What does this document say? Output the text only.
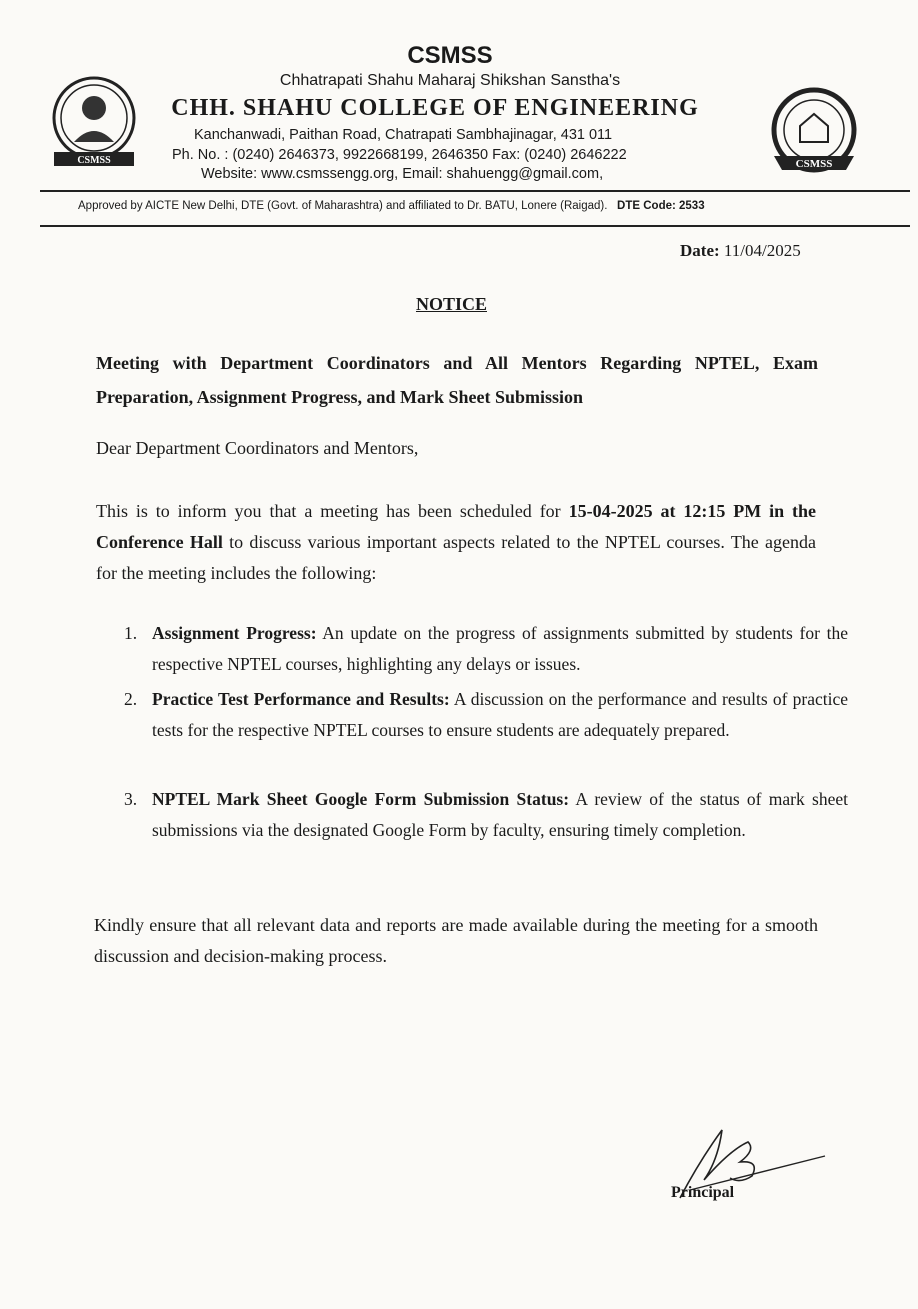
CSMSS
CSMSS
Chhatrapati Shahu Maharaj Shikshan Sanstha's
CHH. SHAHU COLLEGE OF ENGINEERING
Kanchanwadi, Paithan Road, Chatrapati Sambhajinagar, 431 011
Ph. No. : (0240) 2646373, 9922668199, 2646350 Fax: (0240) 2646222
Website: www.csmssengg.org, Email: shahuengg@gmail.com,
CSMSS
Approved by AICTE New Delhi, DTE (Govt. of Maharashtra) and affiliated to Dr. BATU, Lonere (Raigad). DTE Code: 2533
Date: 11/04/2025
NOTICE
Meeting with Department Coordinators and All Mentors Regarding NPTEL, Exam Preparation, Assignment Progress, and Mark Sheet Submission
Dear Department Coordinators and Mentors,
This is to inform you that a meeting has been scheduled for 15-04-2025 at 12:15 PM in the Conference Hall to discuss various important aspects related to the NPTEL courses. The agenda for the meeting includes the following:
1. Assignment Progress: An update on the progress of assignments submitted by students for the respective NPTEL courses, highlighting any delays or issues.
2. Practice Test Performance and Results: A discussion on the performance and results of practice tests for the respective NPTEL courses to ensure students are adequately prepared.
3. NPTEL Mark Sheet Google Form Submission Status: A review of the status of mark sheet submissions via the designated Google Form by faculty, ensuring timely completion.
Kindly ensure that all relevant data and reports are made available during the meeting for a smooth discussion and decision-making process.
Principal
